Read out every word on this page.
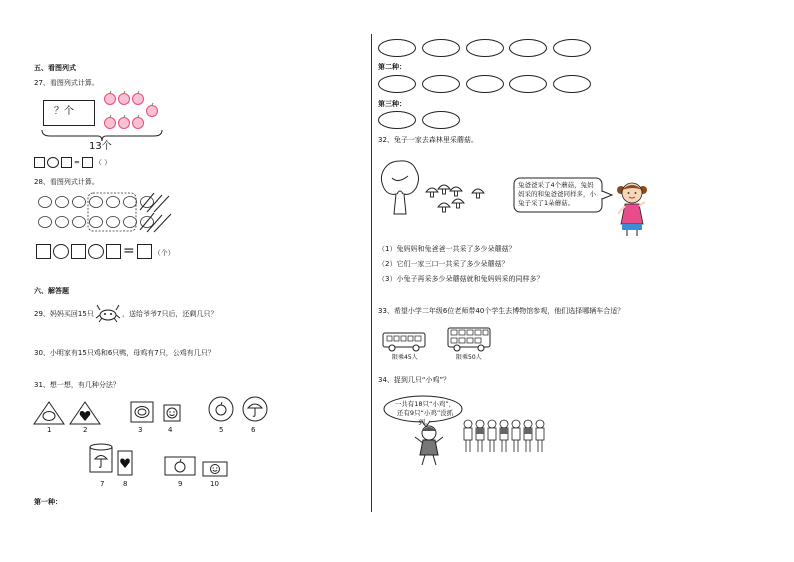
五、看图列式
27、看图列式计算。
？个
13个
= （ ）
28、看图列式计算。
=	（个）
六、解答题
29、妈妈买回15只	，送给爷爷7只后，还剩几只？
30、小明家有15只鸡和6只鸭，母鸡有7只，公鸡有几只？
31、想一想，有几种分法？
1	2	3	4	5	6
7	8	9	10
第一种：
第二种：
第三种：
32、兔子一家去森林里采蘑菇。
兔爸爸采了4个蘑菇，兔妈妈采的和兔爸爸同样多，小兔子采了1朵蘑菇。
（1）兔妈妈和兔爸爸一共采了多少朵蘑菇？
（2）它们一家三口一共采了多少朵蘑菇？
（3）小兔子再采多少朵蘑菇就和兔妈妈采的同样多？
33、希望小学二年级6位老师带40个学生去博物馆参观，他们选择哪辆车合适？
限乘45人	限乘50人
34、捉到几只“小鸡”？
一共有18只“小鸡”，还有9只“小鸡”没抓到。
